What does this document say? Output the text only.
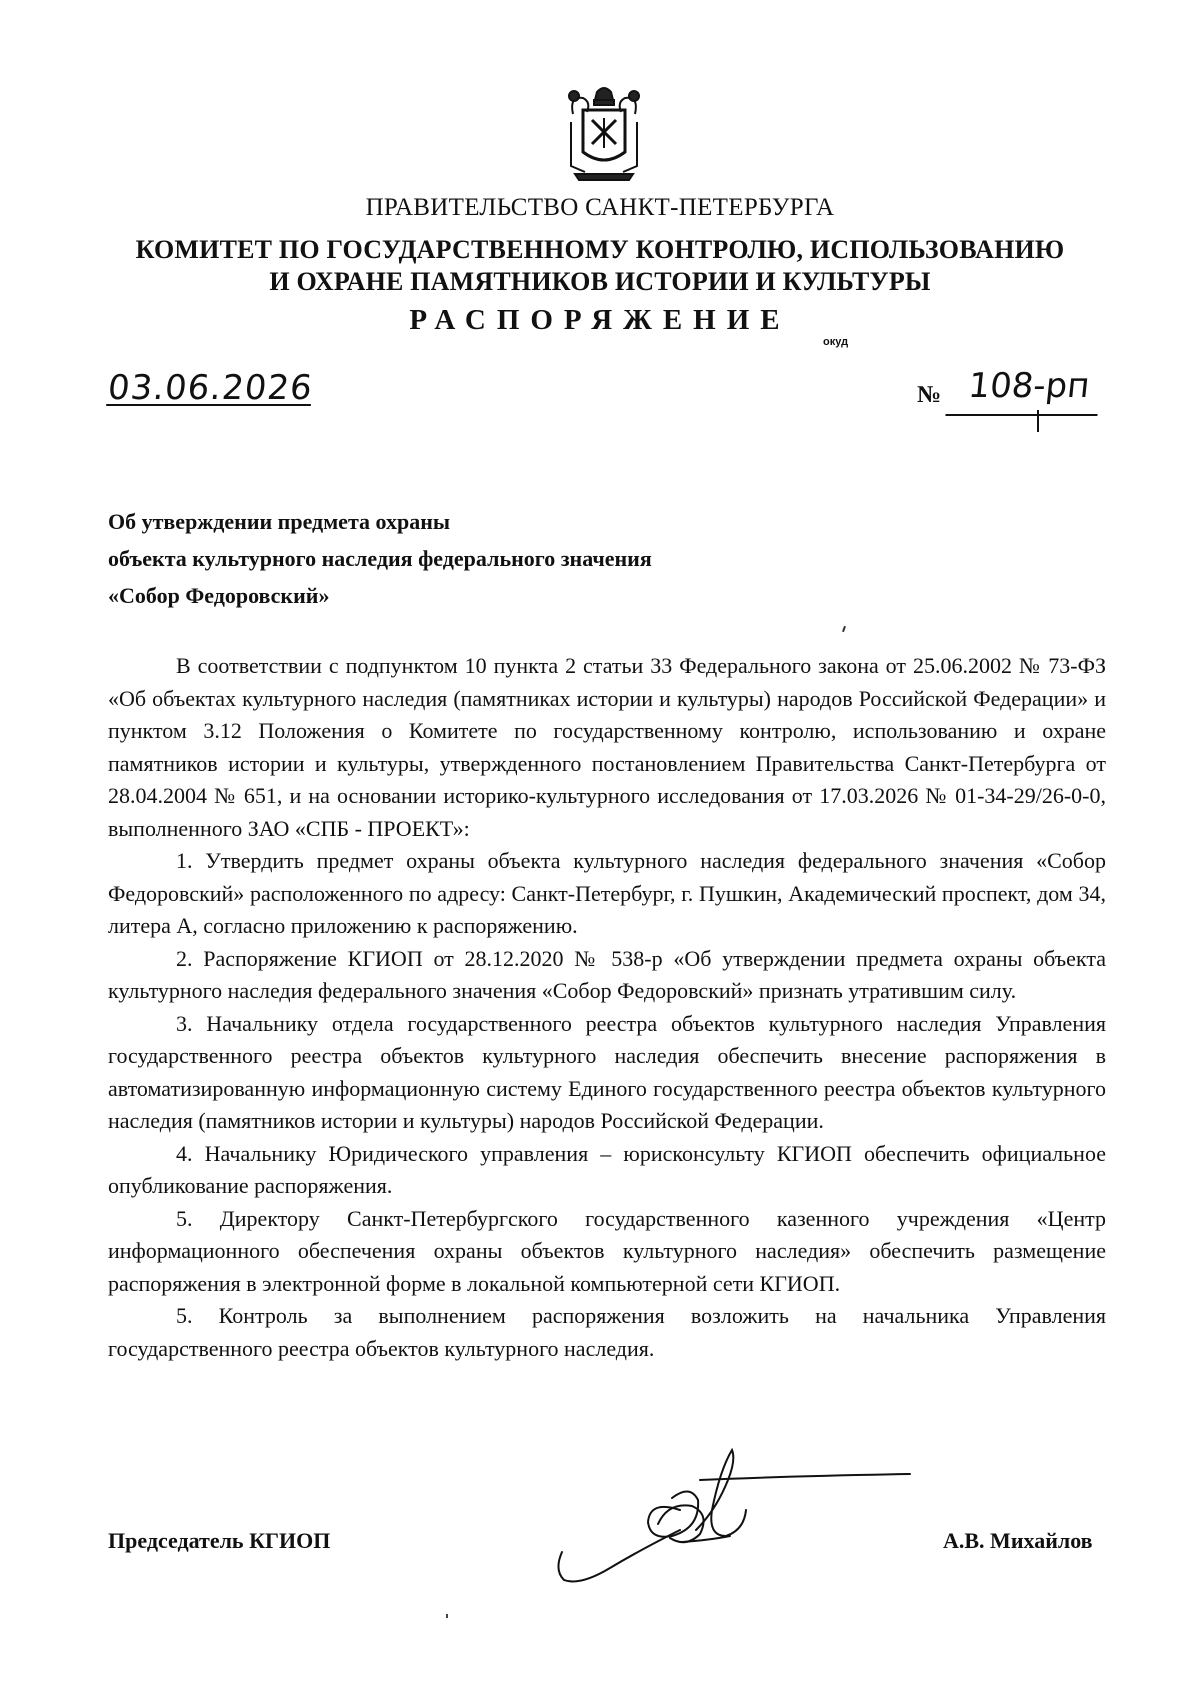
ПРАВИТЕЛЬСТВО САНКТ-ПЕТЕРБУРГА
КОМИТЕТ ПО ГОСУДАРСТВЕННОМУ КОНТРОЛЮ, ИСПОЛЬЗОВАНИЮ
И ОХРАНЕ ПАМЯТНИКОВ ИСТОРИИ И КУЛЬТУРЫ
РАСПОРЯЖЕНИЕ
окуд
03.06.2026	№ 108-рп
Об утверждении предмета охраны
объекта культурного наследия федерального значения
«Собор Федоровский»

В соответствии с подпунктом 10 пункта 2 статьи 33 Федерального закона от 25.06.2002 № 73-ФЗ «Об объектах культурного наследия (памятниках истории и культуры) народов Российской Федерации» и пунктом 3.12 Положения о Комитете по государственному контролю, использованию и охране памятников истории и культуры, утвержденного постановлением Правительства Санкт-Петербурга от 28.04.2004 № 651, и на основании историко-культурного исследования от 17.03.2026 № 01-34-29/26-0-0, выполненного ЗАО «СПБ - ПРОЕКТ»:

1. Утвердить предмет охраны объекта культурного наследия федерального значения «Собор Федоровский» расположенного по адресу: Санкт-Петербург, г. Пушкин, Академический проспект, дом 34, литера А, согласно приложению к распоряжению.

2. Распоряжение КГИОП от 28.12.2020 № 538-р «Об утверждении предмета охраны объекта культурного наследия федерального значения «Собор Федоровский» признать утратившим силу.

3. Начальнику отдела государственного реестра объектов культурного наследия Управления государственного реестра объектов культурного наследия обеспечить внесение распоряжения в автоматизированную информационную систему Единого государственного реестра объектов культурного наследия (памятников истории и культуры) народов Российской Федерации.

4. Начальнику Юридического управления – юрисконсульту КГИОП обеспечить официальное опубликование распоряжения.

5. Директору Санкт-Петербургского государственного казенного учреждения «Центр информационного обеспечения охраны объектов культурного наследия» обеспечить размещение распоряжения в электронной форме в локальной компьютерной сети КГИОП.

5. Контроль за выполнением распоряжения возложить на начальника Управления государственного реестра объектов культурного наследия.

Председатель КГИОП	А.В. Михайлов
